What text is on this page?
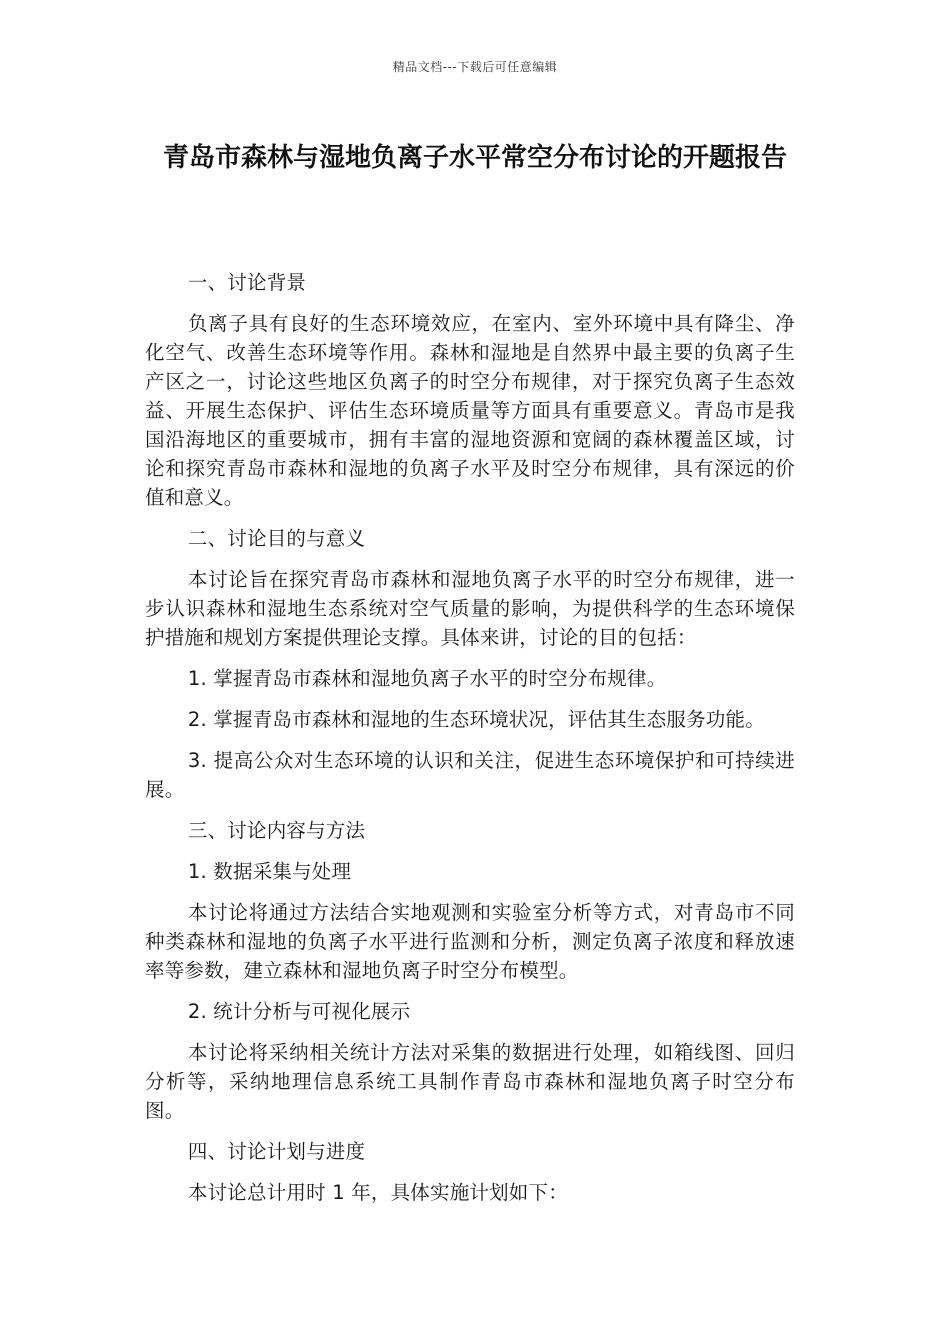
精品文档---下载后可任意编辑
青岛市森林与湿地负离子水平常空分布讨论的开题报告

一、讨论背景

负离子具有良好的生态环境效应，在室内、室外环境中具有降尘、净化空气、改善生态环境等作用。森林和湿地是自然界中最主要的负离子生产区之一，讨论这些地区负离子的时空分布规律，对于探究负离子生态效益、开展生态保护、评估生态环境质量等方面具有重要意义。青岛市是我国沿海地区的重要城市，拥有丰富的湿地资源和宽阔的森林覆盖区域，讨论和探究青岛市森林和湿地的负离子水平及时空分布规律，具有深远的价值和意义。

二、讨论目的与意义

本讨论旨在探究青岛市森林和湿地负离子水平的时空分布规律，进一步认识森林和湿地生态系统对空气质量的影响，为提供科学的生态环境保护措施和规划方案提供理论支撑。具体来讲，讨论的目的包括：

1. 掌握青岛市森林和湿地负离子水平的时空分布规律。

2. 掌握青岛市森林和湿地的生态环境状况，评估其生态服务功能。

3. 提高公众对生态环境的认识和关注，促进生态环境保护和可持续进展。

三、讨论内容与方法

1. 数据采集与处理

本讨论将通过方法结合实地观测和实验室分析等方式，对青岛市不同种类森林和湿地的负离子水平进行监测和分析，测定负离子浓度和释放速率等参数，建立森林和湿地负离子时空分布模型。

2. 统计分析与可视化展示

本讨论将采纳相关统计方法对采集的数据进行处理，如箱线图、回归分析等，采纳地理信息系统工具制作青岛市森林和湿地负离子时空分布图。

四、讨论计划与进度

本讨论总计用时 1 年，具体实施计划如下：
